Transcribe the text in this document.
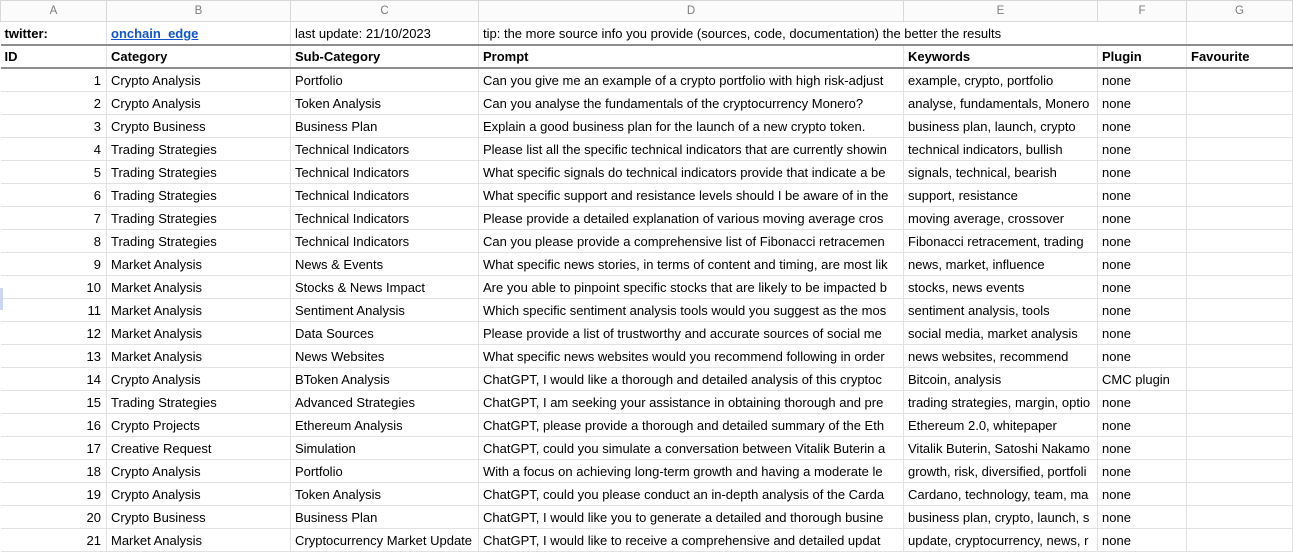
A	B	C	D	E	F	G
twitter:	onchain_edge	last update: 21/10/2023	tip: the more source info you provide (sources, code, documentation) the better the results			
ID	Category	Sub-Category	Prompt	Keywords	Plugin	Favourite
1	Crypto Analysis	Portfolio	Can you give me an example of a crypto portfolio with high risk-adjust	example, crypto, portfolio	none	
2	Crypto Analysis	Token Analysis	Can you analyse the fundamentals of the cryptocurrency Monero?	analyse, fundamentals, Monero	none	
3	Crypto Business	Business Plan	Explain a good business plan for the launch of a new crypto token.	business plan, launch, crypto	none	
4	Trading Strategies	Technical Indicators	Please list all the specific technical indicators that are currently showin	technical indicators, bullish	none	
5	Trading Strategies	Technical Indicators	What specific signals do technical indicators provide that indicate a be	signals, technical, bearish	none	
6	Trading Strategies	Technical Indicators	What specific support and resistance levels should I be aware of in the	support, resistance	none	
7	Trading Strategies	Technical Indicators	Please provide a detailed explanation of various moving average cros	moving average, crossover	none	
8	Trading Strategies	Technical Indicators	Can you please provide a comprehensive list of Fibonacci retracemen	Fibonacci retracement, trading	none	
9	Market Analysis	News & Events	What specific news stories, in terms of content and timing, are most lik	news, market, influence	none	
10	Market Analysis	Stocks & News Impact	Are you able to pinpoint specific stocks that are likely to be impacted b	stocks, news events	none	
11	Market Analysis	Sentiment Analysis	Which specific sentiment analysis tools would you suggest as the mos	sentiment analysis, tools	none	
12	Market Analysis	Data Sources	Please provide a list of trustworthy and accurate sources of social me	social media, market analysis	none	
13	Market Analysis	News Websites	What specific news websites would you recommend following in order	news websites, recommend	none	
14	Crypto Analysis	BToken Analysis	ChatGPT, I would like a thorough and detailed analysis of this cryptoc	Bitcoin, analysis	CMC plugin	
15	Trading Strategies	Advanced Strategies	ChatGPT, I am seeking your assistance in obtaining thorough and pre	trading strategies, margin, optio	none	
16	Crypto Projects	Ethereum Analysis	ChatGPT, please provide a thorough and detailed summary of the Eth	Ethereum 2.0, whitepaper	none	
17	Creative Request	Simulation	ChatGPT, could you simulate a conversation between Vitalik Buterin a	Vitalik Buterin, Satoshi Nakamo	none	
18	Crypto Analysis	Portfolio	With a focus on achieving long-term growth and having a moderate le	growth, risk, diversified, portfoli	none	
19	Crypto Analysis	Token Analysis	ChatGPT, could you please conduct an in-depth analysis of the Carda	Cardano, technology, team, ma	none	
20	Crypto Business	Business Plan	ChatGPT, I would like you to generate a detailed and thorough busine	business plan, crypto, launch, s	none	
21	Market Analysis	Cryptocurrency Market Update	ChatGPT, I would like to receive a comprehensive and detailed updat	update, cryptocurrency, news, r	none	
